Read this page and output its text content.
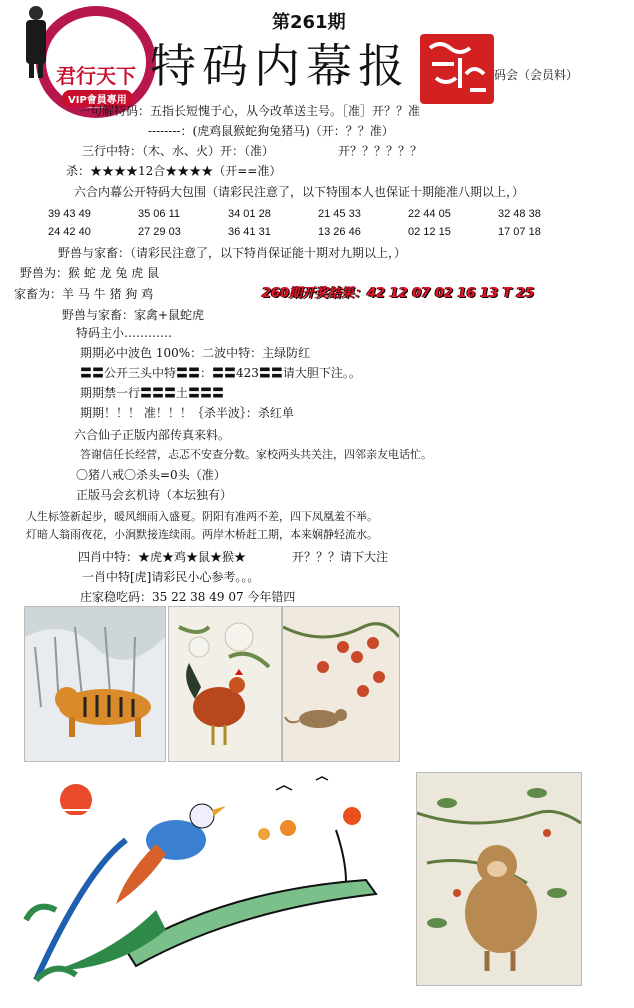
君行天下
VIP會員專用
第261期
特码内幕报	码会（会员料）
一句解特码：五指长短愧于心，从今改革送主号。［准］开？？准
--------：(虎鸡鼠猴蛇狗兔猪马)（开：？？准）
三行中特：（木、水、火）开：（准）	开？？？？？？
杀：★★★★12合★★★★（开==准）
六合内幕公开特码大包围（请彩民注意了，以下特围本人也保证十期能准八期以上，）
39 43 49	35 06 11	34 01 28	21 45 33	22 44 05	32 48 38
24 42 40	27 29 03	36 41 31	13 26 46	02 12 15	17 07 18
野兽与家畜：（请彩民注意了，以下特肖保证能十期对九期以上，）
野兽为：猴 蛇 龙 兔 虎 鼠
家畜为：羊 马 牛 猪 狗 鸡	260期开奖结果：42 12 07 02 16 13 T 25
野兽与家畜：家禽+鼠蛇虎
特码主小…………
期期必中波色 100%：二波中特：主绿防红
〓〓公开三头中特〓〓：〓〓423〓〓请大胆下注。。
期期禁一行〓〓〓土〓〓〓
期期！！！ 准！！！｛杀半波｝：杀红单
六合仙子正版内部传真来料。
答谢信任长经营，忐忑不安查分数。家校两头共关注，四邻亲友电话忙。
〇猪八戒〇杀头=0头（准）
正版马会玄机诗（本坛独有）
人生标签新起步，暖风细雨入盛夏。阴阳有准两不差，四下凤凰羞不举。
灯暗人翁雨夜花，小涧默接连续雨。两岸木桥赶工期，本来娴静轻流水。
四肖中特：★虎★鸡★鼠★猴★	开？？？请下大注
一肖中特[虎]请彩民小心参考。。。
庄家稳吃码：35 22 38 49 07 今年错四
